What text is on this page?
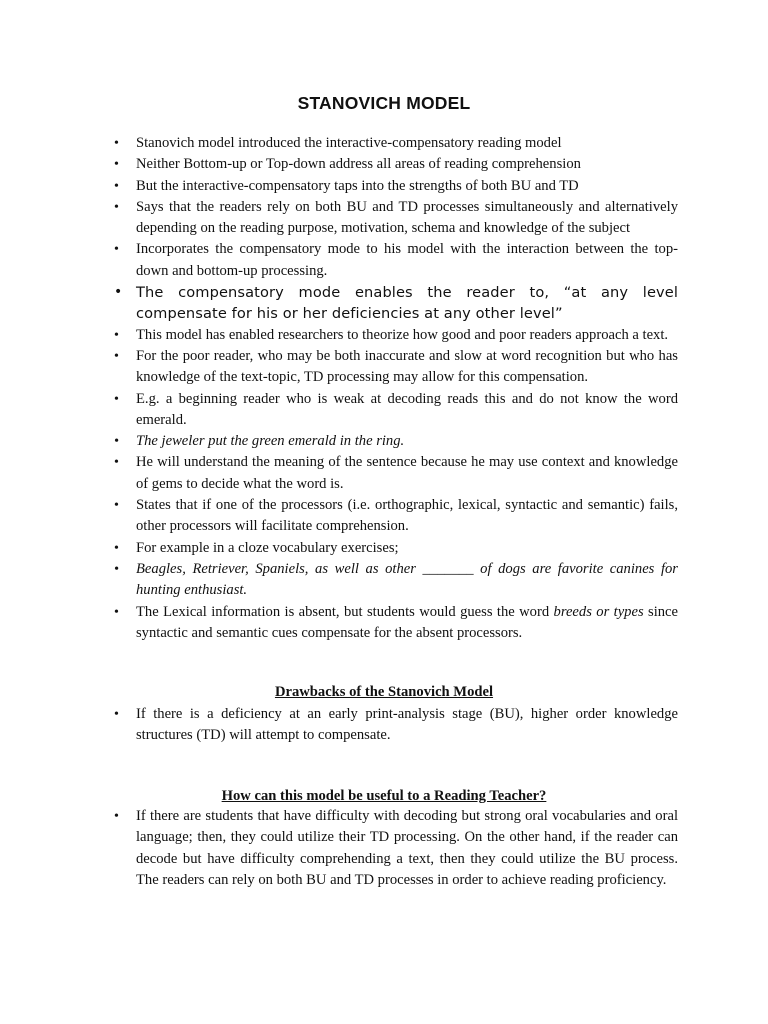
STANOVICH MODEL
• Stanovich model introduced the interactive-compensatory reading model
• Neither Bottom-up or Top-down address all areas of reading comprehension
• But the interactive-compensatory taps into the strengths of both BU and TD
• Says that the readers rely on both BU and TD processes simultaneously and alternatively depending on the reading purpose, motivation, schema and knowledge of the subject
• Incorporates the compensatory mode to his model with the interaction between the top-down and bottom-up processing.
• The compensatory mode enables the reader to, “at any level compensate for his or her deficiencies at any other level”
• This model has enabled researchers to theorize how good and poor readers approach a text.
• For the poor reader, who may be both inaccurate and slow at word recognition but who has knowledge of the text-topic, TD processing may allow for this compensation.
• E.g. a beginning reader who is weak at decoding reads this and do not know the word emerald.
• The jeweler put the green emerald in the ring.
• He will understand the meaning of the sentence because he may use context and knowledge of gems to decide what the word is.
• States that if one of the processors (i.e. orthographic, lexical, syntactic and semantic) fails, other processors will facilitate comprehension.
• For example in a cloze vocabulary exercises;
• Beagles, Retriever, Spaniels, as well as other _______ of dogs are favorite canines for hunting enthusiast.
• The Lexical information is absent, but students would guess the word breeds or types since syntactic and semantic cues compensate for the absent processors.
Drawbacks of the Stanovich Model
• If there is a deficiency at an early print-analysis stage (BU), higher order knowledge structures (TD) will attempt to compensate.
How can this model be useful to a Reading Teacher?
• If there are students that have difficulty with decoding but strong oral vocabularies and oral language; then, they could utilize their TD processing. On the other hand, if the reader can decode but have difficulty comprehending a text, then they could utilize the BU process. The readers can rely on both BU and TD processes in order to achieve reading proficiency.
